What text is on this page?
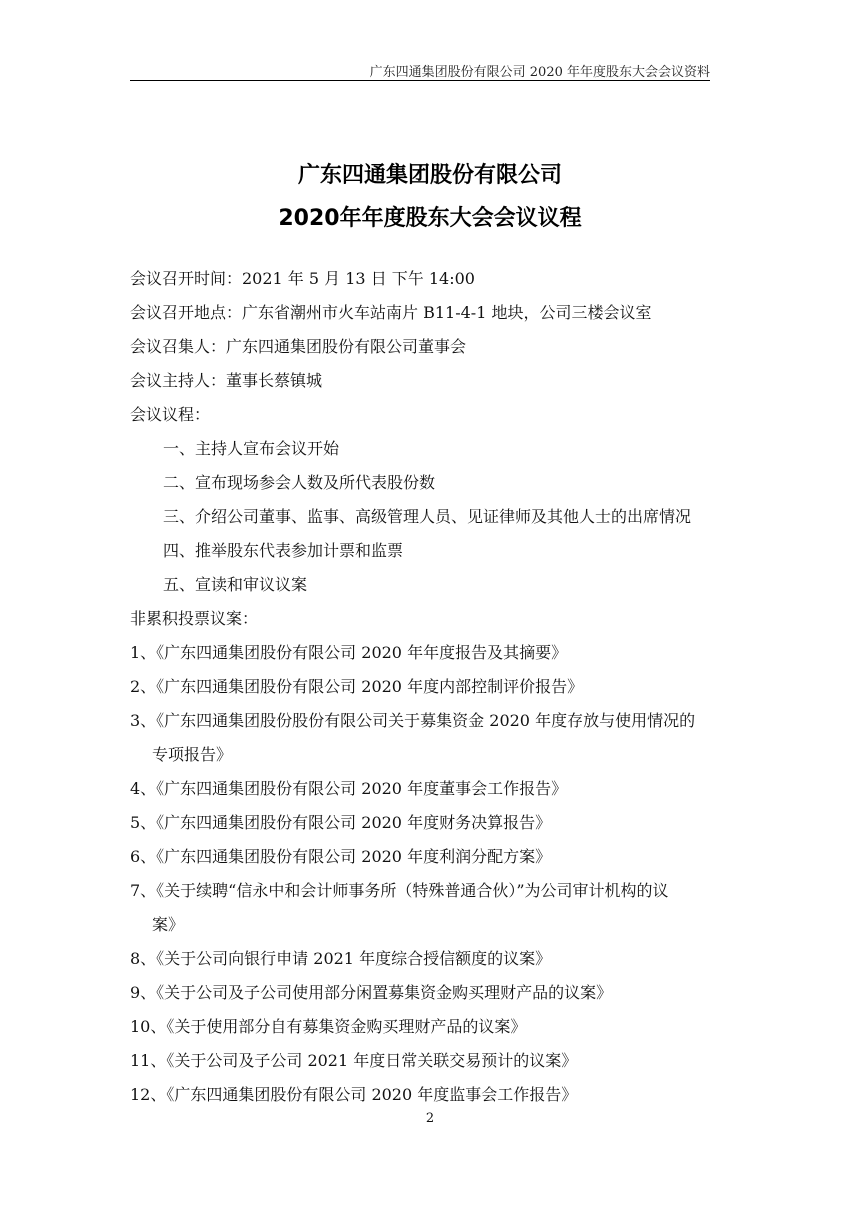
广东四通集团股份有限公司 2020 年年度股东大会会议资料
广东四通集团股份有限公司
2020年年度股东大会会议议程
会议召开时间：2021 年 5 月 13 日 下午 14:00
会议召开地点：广东省潮州市火车站南片 B11-4-1 地块，公司三楼会议室
会议召集人：广东四通集团股份有限公司董事会
会议主持人：董事长蔡镇城
会议议程：
一、主持人宣布会议开始
二、宣布现场参会人数及所代表股份数
三、介绍公司董事、监事、高级管理人员、见证律师及其他人士的出席情况
四、推举股东代表参加计票和监票
五、宣读和审议议案
非累积投票议案：
1、《广东四通集团股份有限公司 2020 年年度报告及其摘要》
2、《广东四通集团股份有限公司 2020 年度内部控制评价报告》
3、《广东四通集团股份股份有限公司关于募集资金 2020 年度存放与使用情况的
专项报告》
4、《广东四通集团股份有限公司 2020 年度董事会工作报告》
5、《广东四通集团股份有限公司 2020 年度财务决算报告》
6、《广东四通集团股份有限公司 2020 年度利润分配方案》
7、《关于续聘“信永中和会计师事务所（特殊普通合伙）”为公司审计机构的议
案》
8、《关于公司向银行申请 2021 年度综合授信额度的议案》
9、《关于公司及子公司使用部分闲置募集资金购买理财产品的议案》
10、《关于使用部分自有募集资金购买理财产品的议案》
11、《关于公司及子公司 2021 年度日常关联交易预计的议案》
12、《广东四通集团股份有限公司 2020 年度监事会工作报告》
2
